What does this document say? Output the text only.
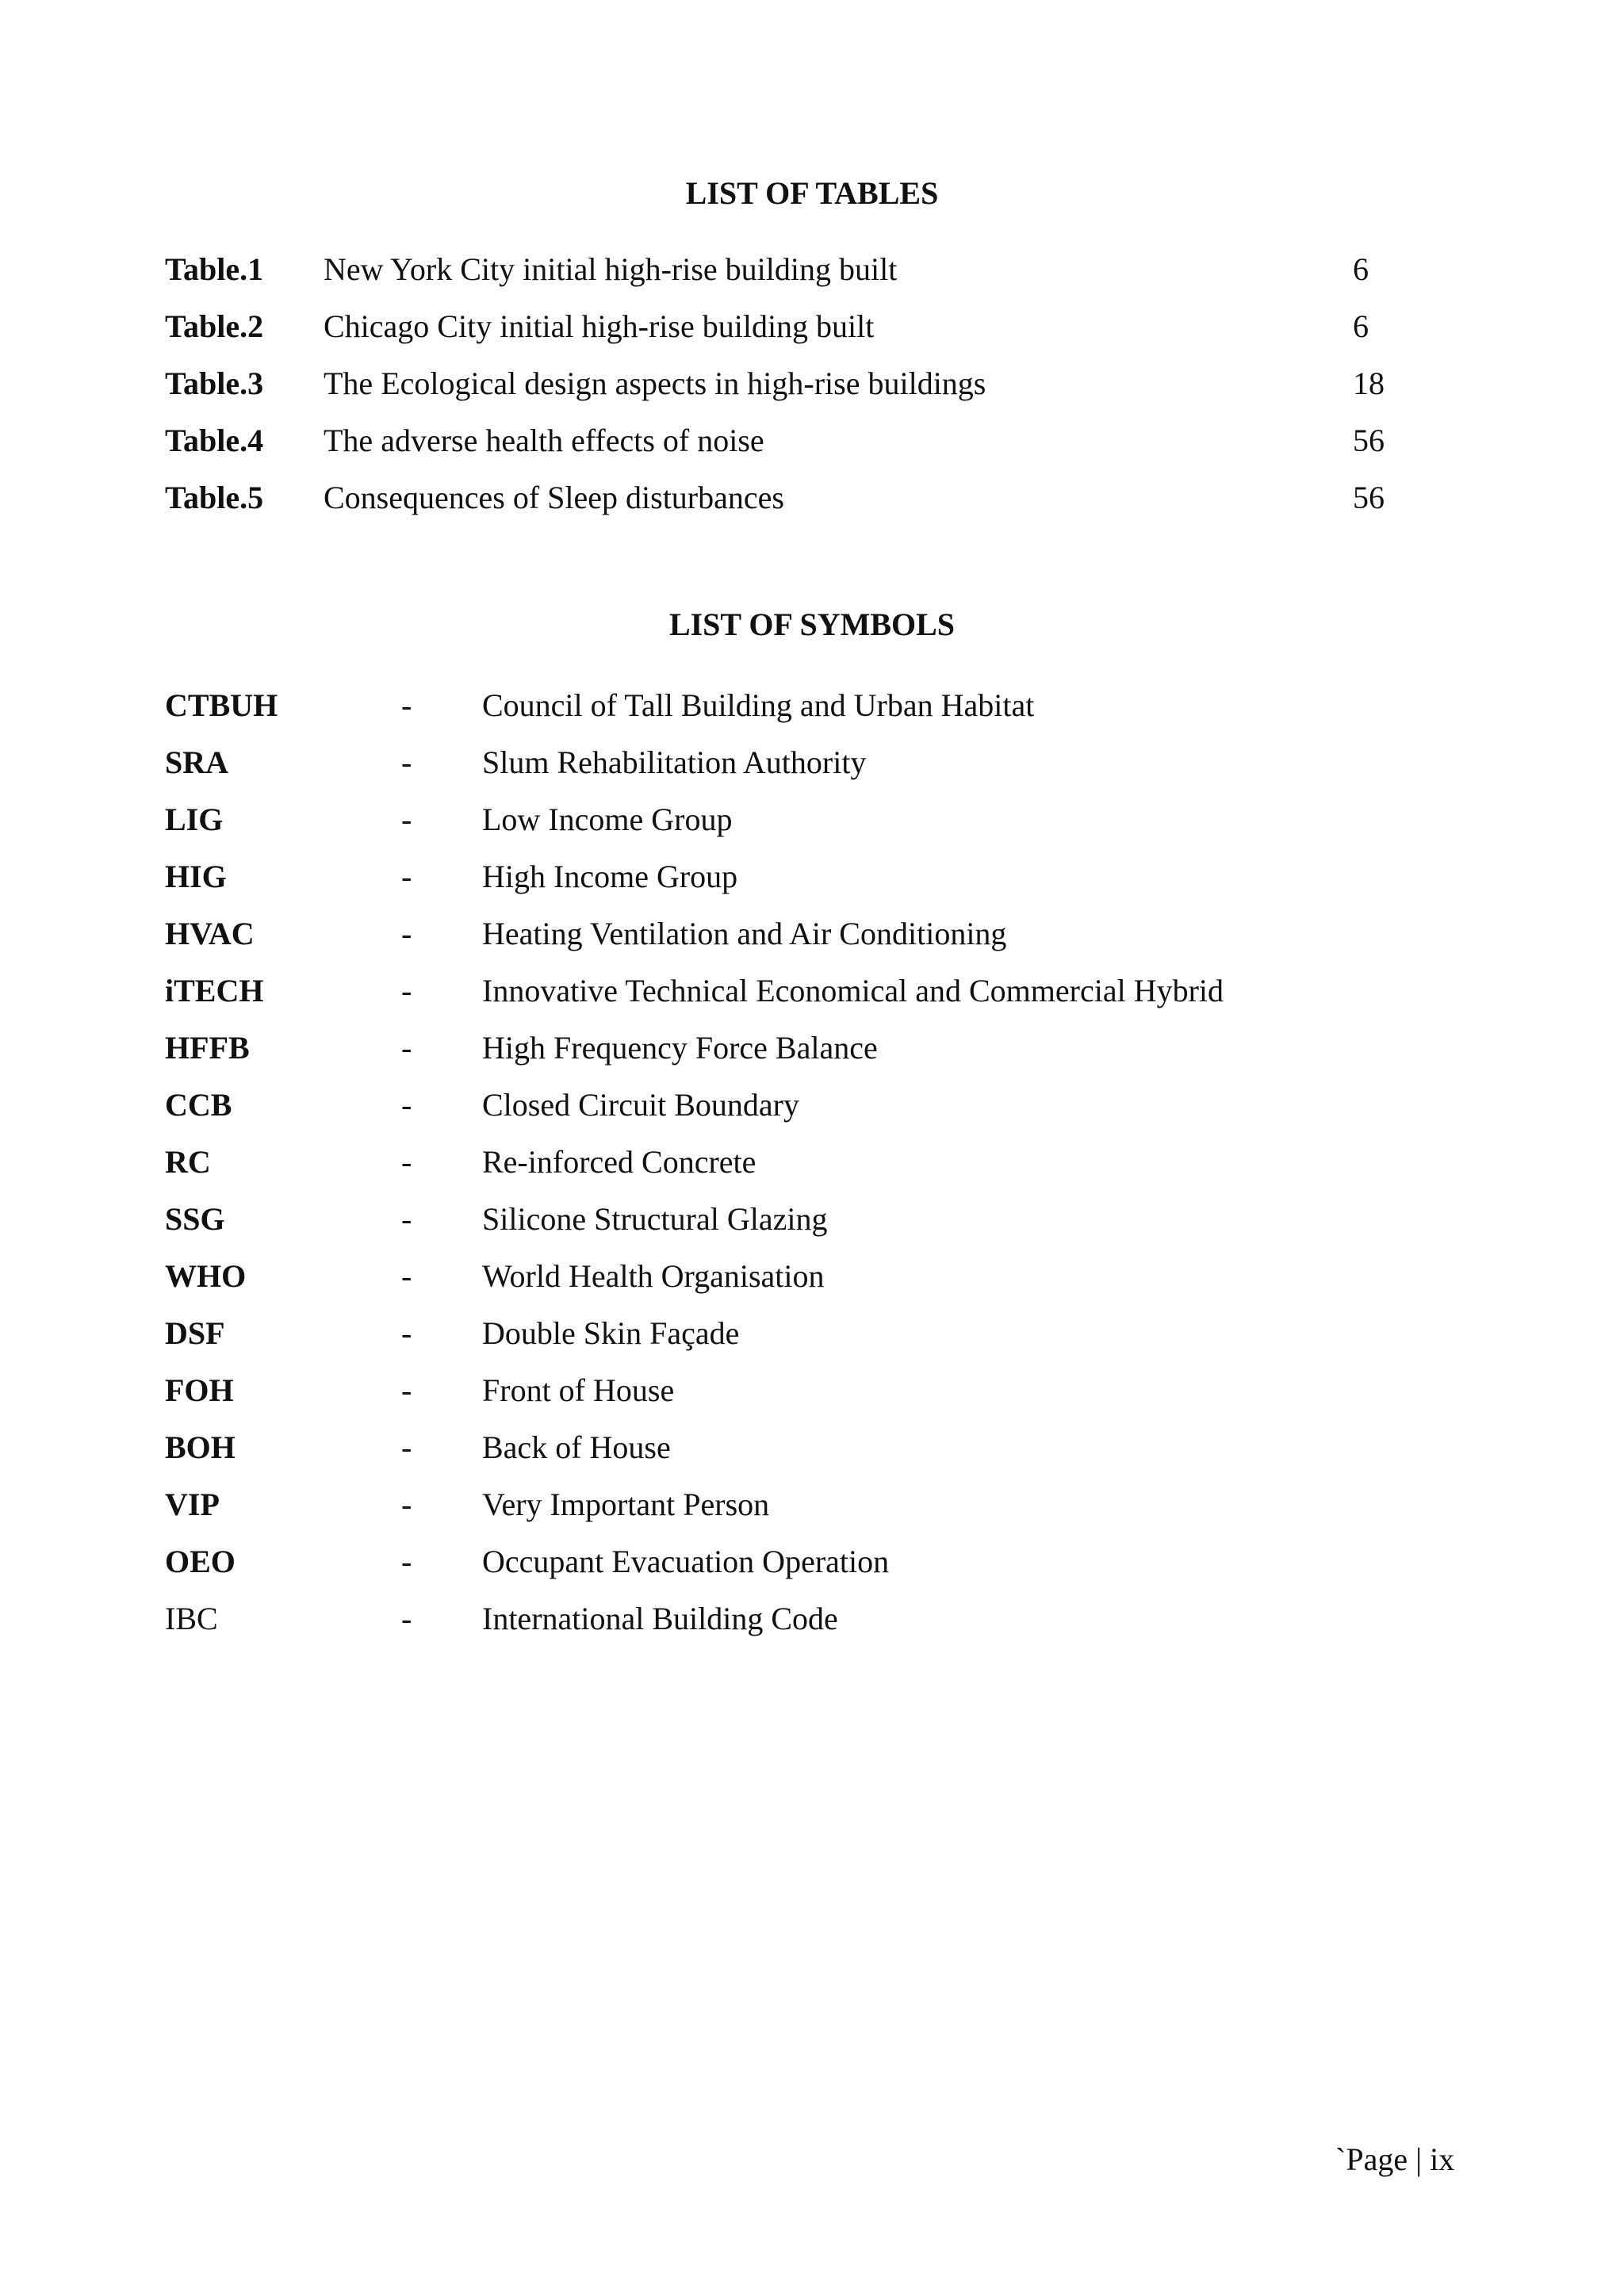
LIST OF TABLES
Table.1 New York City initial high-rise building built	6
Table.2 Chicago City initial high-rise building built	6
Table.3 The Ecological design aspects in high-rise buildings	18
Table.4 The adverse health effects of noise	56
Table.5 Consequences of Sleep disturbances	56
LIST OF SYMBOLS
CTBUH	- Council of Tall Building and Urban Habitat
SRA	- Slum Rehabilitation Authority
LIG	- Low Income Group
HIG	- High Income Group
HVAC	- Heating Ventilation and Air Conditioning
iTECH	- Innovative Technical Economical and Commercial Hybrid
HFFB	- High Frequency Force Balance
CCB	- Closed Circuit Boundary
RC	- Re-inforced Concrete
SSG	- Silicone Structural Glazing
WHO	- World Health Organisation
DSF	- Double Skin Façade
FOH	- Front of House
BOH	- Back of House
VIP	- Very Important Person
OEO	- Occupant Evacuation Operation
IBC	- International Building Code
`Page | ix
